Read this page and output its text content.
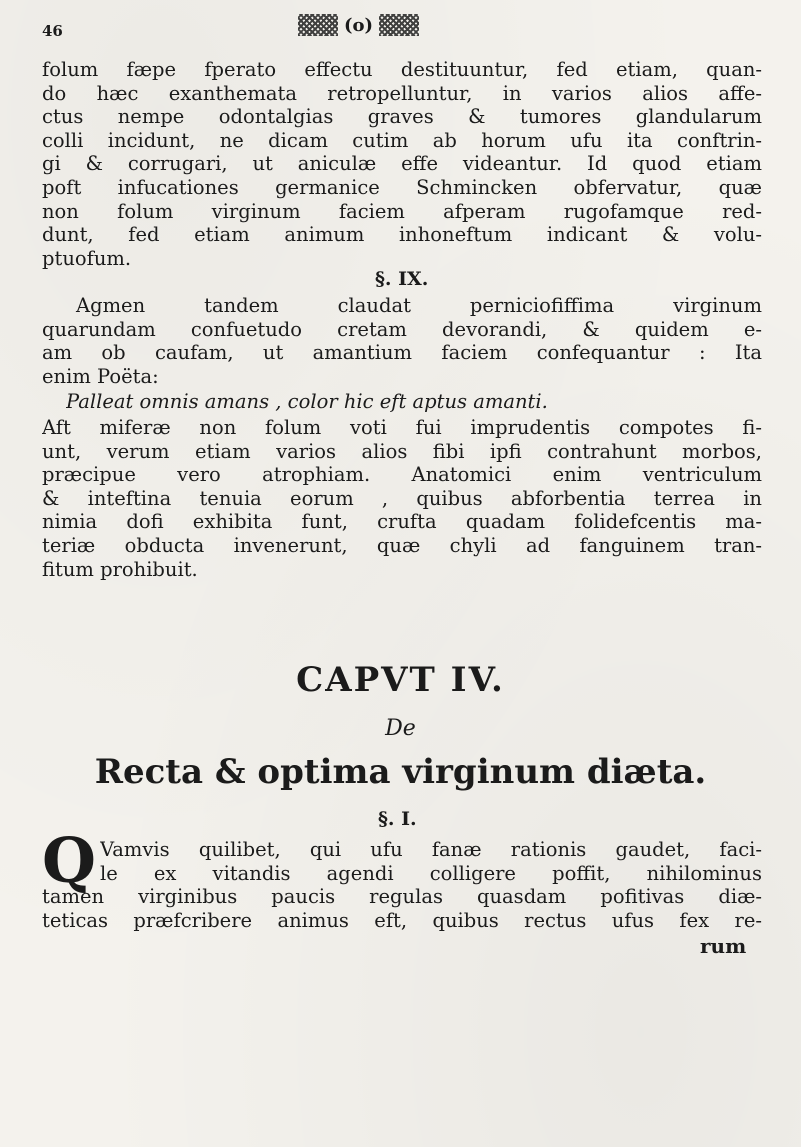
46	(o)
folum fæpe fperato effectu destituuntur, fed etiam, quan-
do hæc exanthemata retropelluntur, in varios alios affe-
ctus nempe odontalgias graves & tumores glandularum
colli incidunt, ne dicam cutim ab horum ufu ita conftrin-
gi & corrugari, ut aniculæ effe videantur. Id quod etiam
poft infucationes germanice Schmincken obfervatur, quæ
non folum virginum faciem afperam rugofamque red-
dunt, fed etiam animum inhoneftum indicant & volu-
ptuofum.
§. IX.
Agmen tandem claudat perniciofiffima virginum
quarundam confuetudo cretam devorandi, & quidem e-
am ob caufam, ut amantium faciem confequantur : Ita
enim Poëta:
Palleat omnis amans , color hic eft aptus amanti.
Aft miferæ non folum voti fui imprudentis compotes fi-
unt, verum etiam varios alios fibi ipfi contrahunt morbos,
præcipue vero atrophiam. Anatomici enim ventriculum
& inteftina tenuia eorum , quibus abforbentia terrea in
nimia dofi exhibita funt, crufta quadam folidefcentis ma-
teriæ obducta invenerunt, quæ chyli ad fanguinem tran-
fitum prohibuit.
CAPVT IV.
De
Recta & optima virginum diæta.
§. I.
Q Vamvis quilibet, qui ufu fanæ rationis gaudet, faci-
le ex vitandis agendi colligere poffit, nihilominus
tamen virginibus paucis regulas quasdam pofitivas diæ-
teticas præfcribere animus eft, quibus rectus ufus fex re-
rum
